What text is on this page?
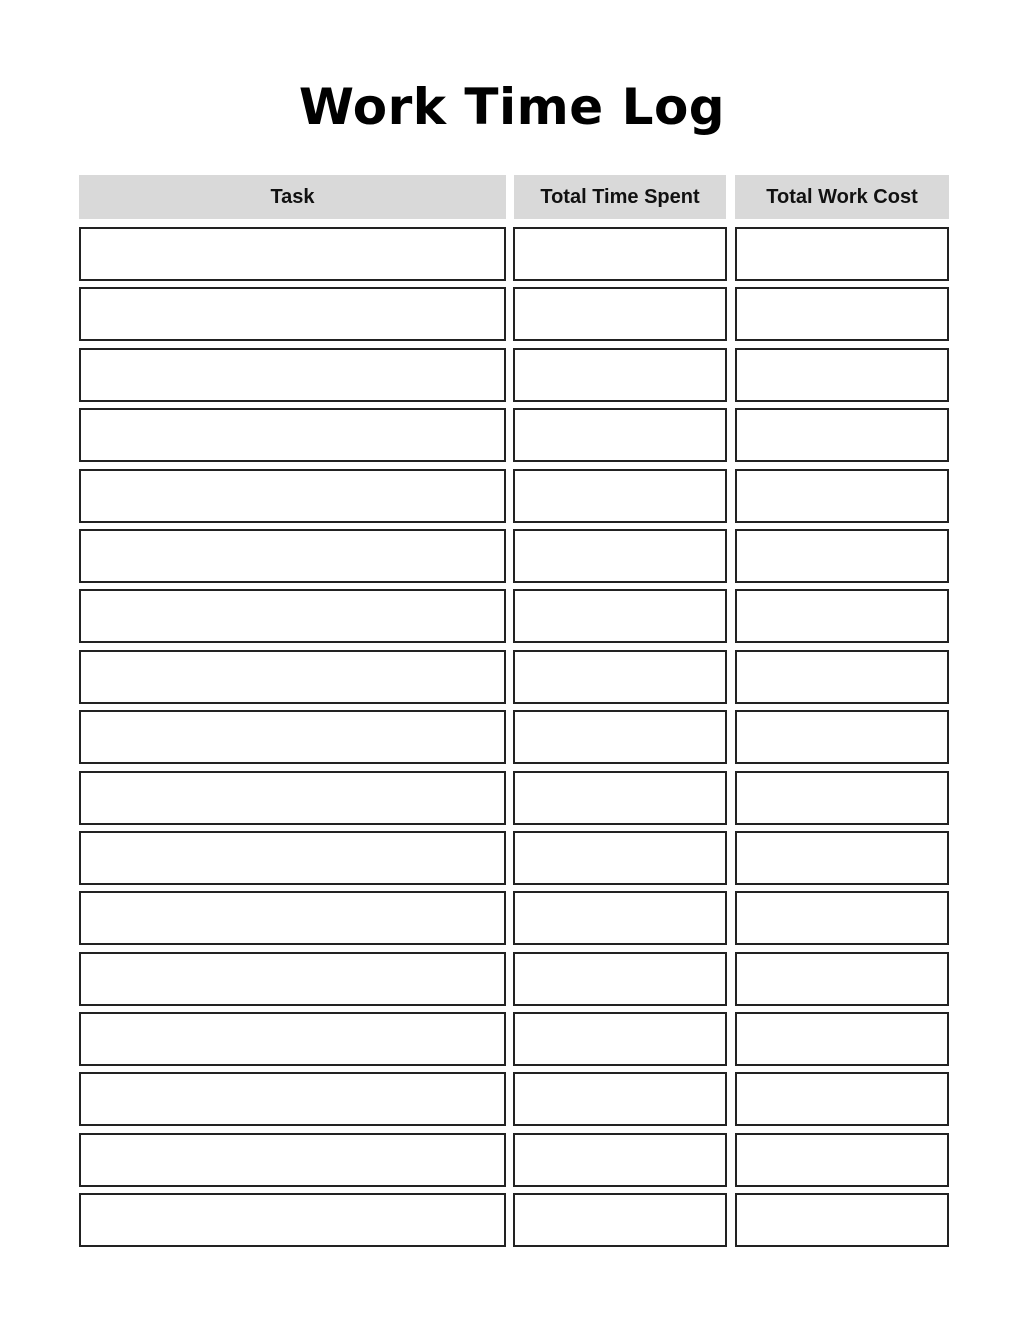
Work Time Log
Task	Total Time Spent	Total Work Cost
